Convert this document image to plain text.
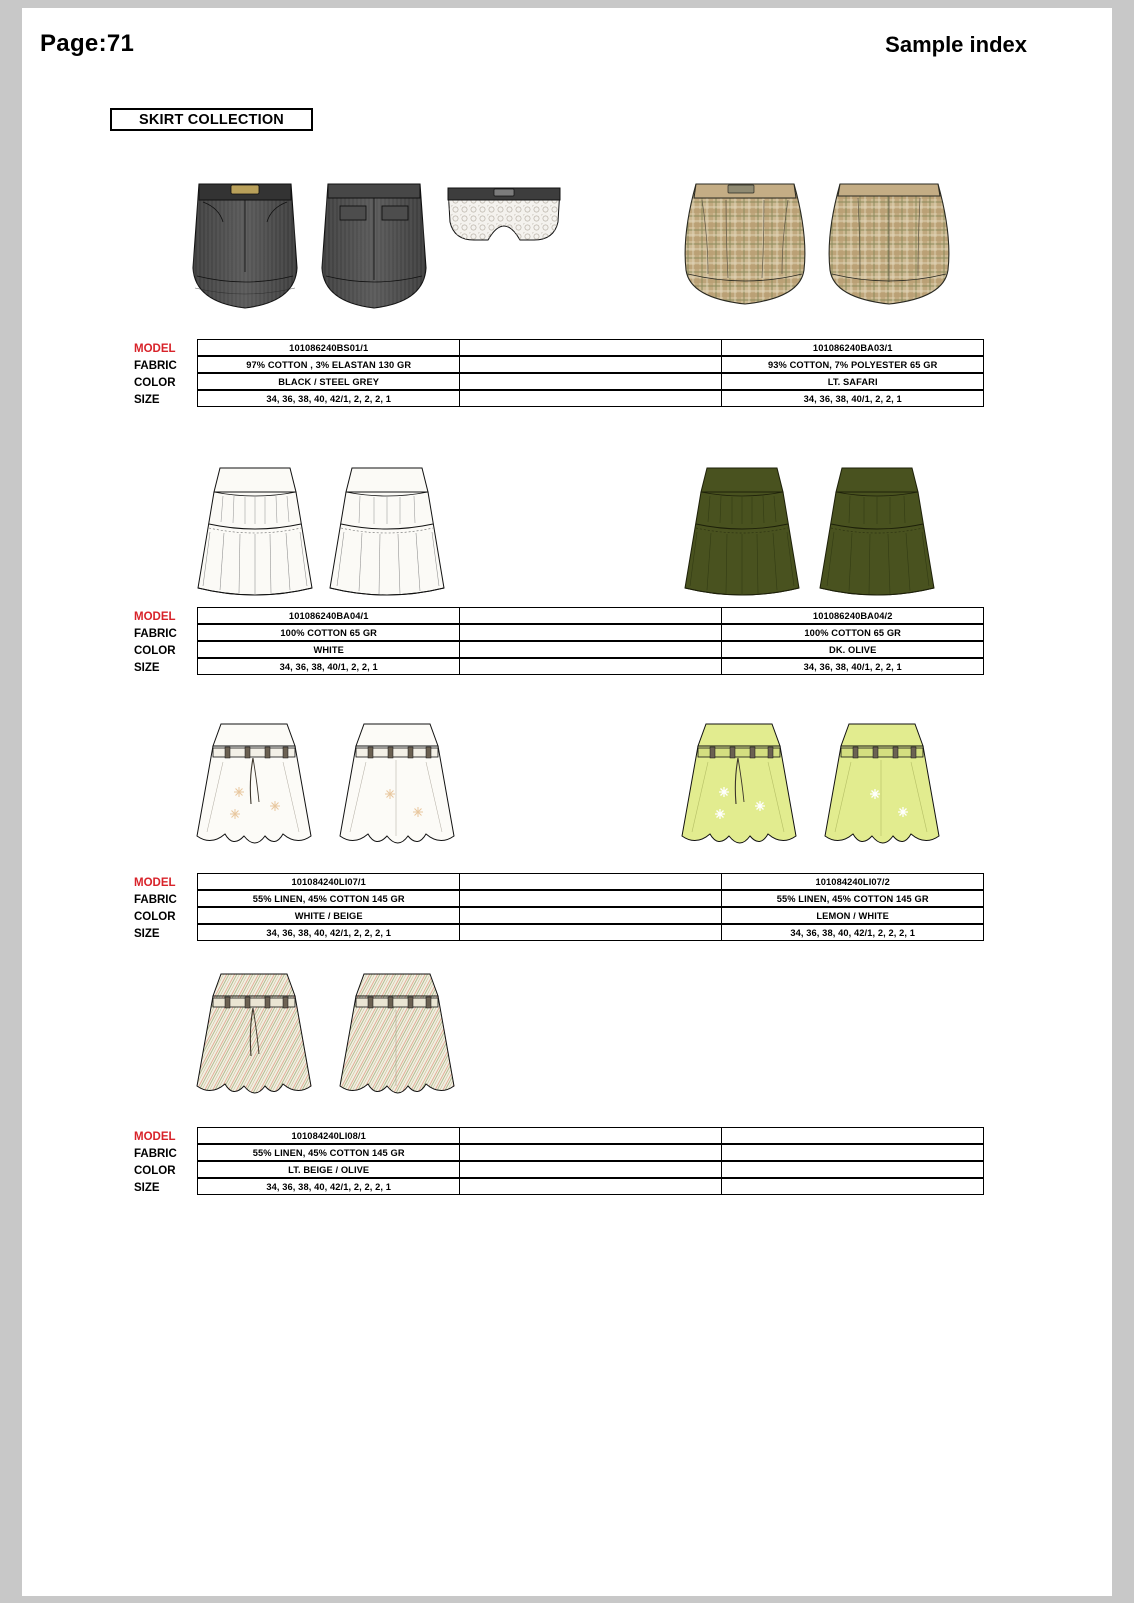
Page:71	Sample index
SKIRT COLLECTION
MODEL	101086240BS01/1	101086240BA03/1
FABRIC	97% COTTON , 3% ELASTAN 130 GR	93% COTTON, 7% POLYESTER 65 GR
COLOR	BLACK / STEEL GREY	LT. SAFARI
SIZE	34, 36, 38, 40, 42/1, 2, 2, 2, 1	34, 36, 38, 40/1, 2, 2, 1
MODEL	101086240BA04/1	101086240BA04/2
FABRIC	100% COTTON 65 GR	100% COTTON 65 GR
COLOR	WHITE	DK. OLIVE
SIZE	34, 36, 38, 40/1, 2, 2, 1	34, 36, 38, 40/1, 2, 2, 1
MODEL	101084240LI07/1	101084240LI07/2
FABRIC	55% LINEN, 45% COTTON 145 GR	55% LINEN, 45% COTTON 145 GR
COLOR	WHITE / BEIGE	LEMON / WHITE
SIZE	34, 36, 38, 40, 42/1, 2, 2, 2, 1	34, 36, 38, 40, 42/1, 2, 2, 2, 1
MODEL	101084240LI08/1
FABRIC	55% LINEN, 45% COTTON 145 GR
COLOR	LT. BEIGE / OLIVE
SIZE	34, 36, 38, 40, 42/1, 2, 2, 2, 1
